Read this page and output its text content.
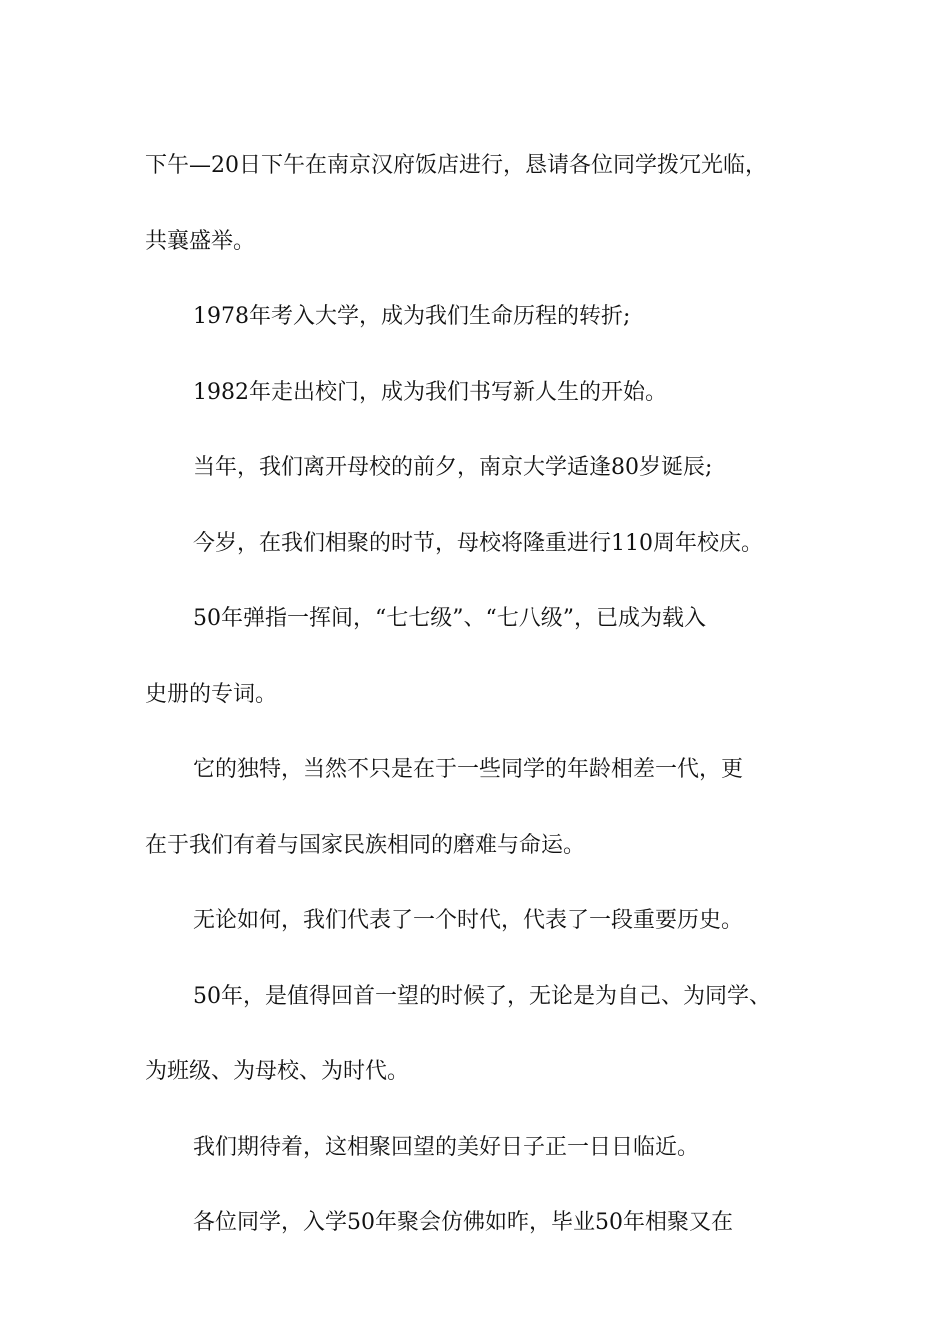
下午—20日下午在南京汉府饭店进行，恳请各位同学拨冗光临，
共襄盛举。
1978年考入大学，成为我们生命历程的转折;
1982年走出校门，成为我们书写新人生的开始。
当年，我们离开母校的前夕，南京大学适逢80岁诞辰;
今岁，在我们相聚的时节，母校将隆重进行110周年校庆。
50年弹指一挥间，“七七级”、“七八级”，已成为载入
史册的专词。
它的独特，当然不只是在于一些同学的年龄相差一代，更
在于我们有着与国家民族相同的磨难与命运。
无论如何，我们代表了一个时代，代表了一段重要历史。
50年，是值得回首一望的时候了，无论是为自己、为同学、
为班级、为母校、为时代。
我们期待着，这相聚回望的美好日子正一日日临近。
各位同学，入学50年聚会仿佛如昨，毕业50年相聚又在
